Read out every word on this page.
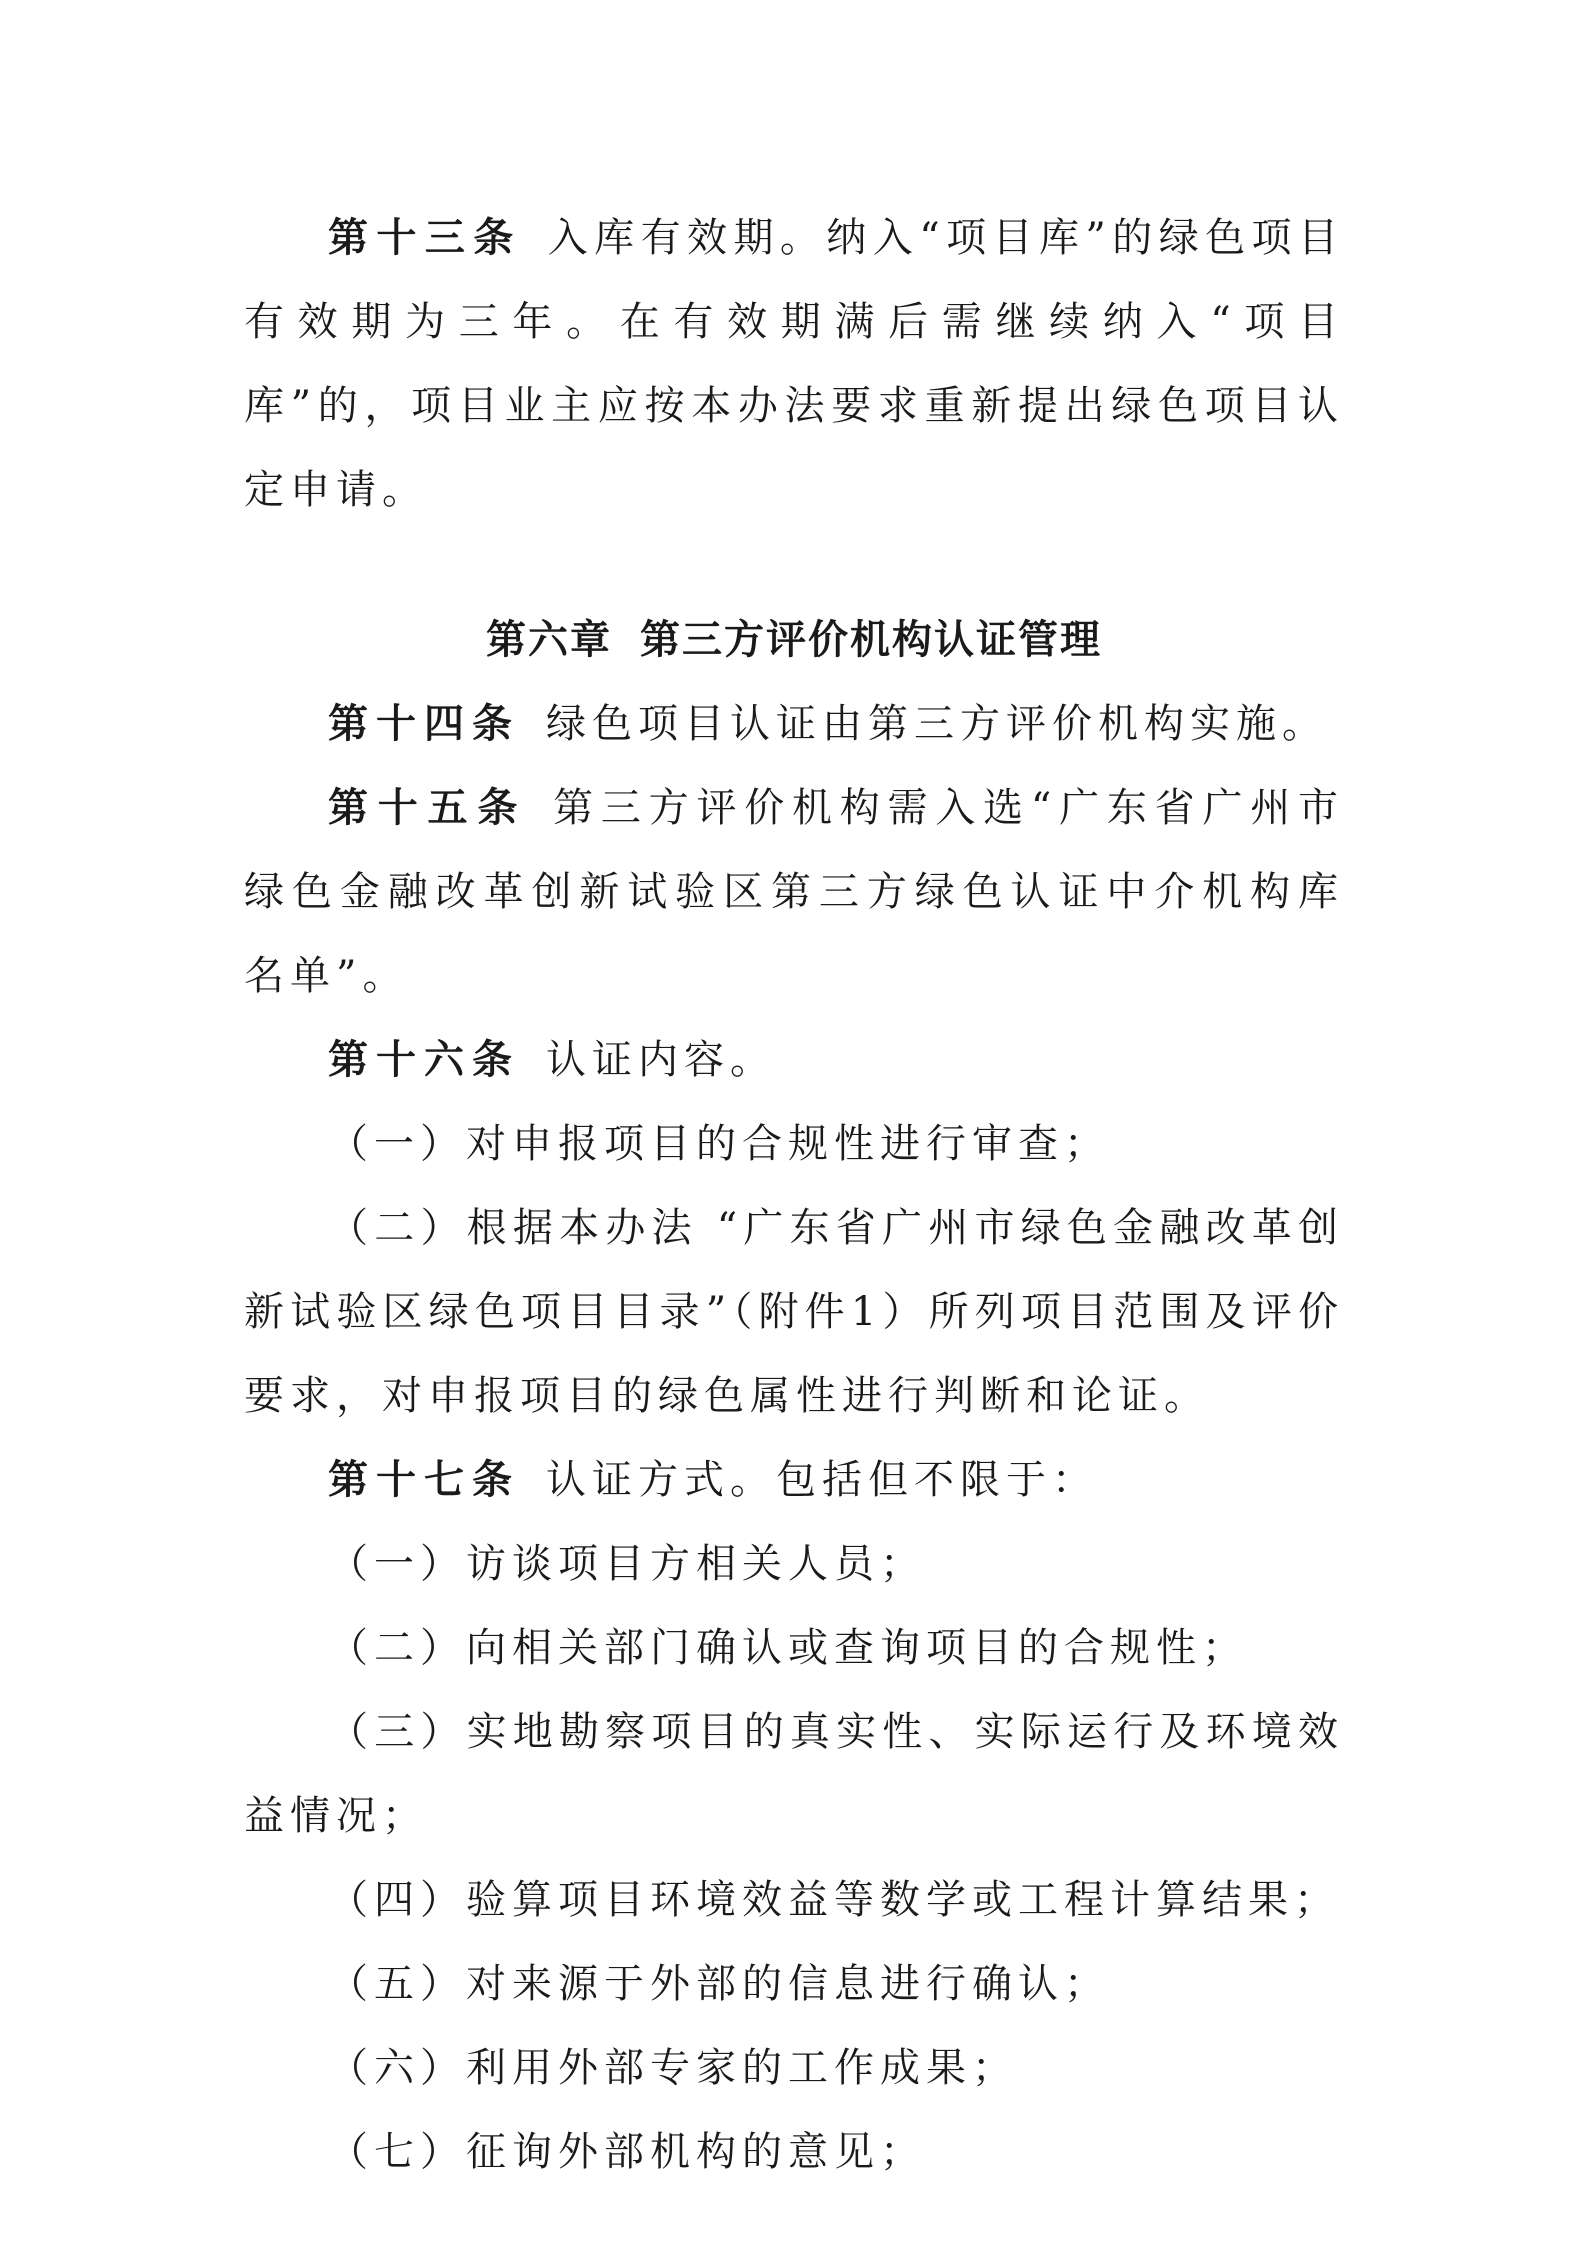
第十三条 入库有效期。纳入“项目库”的绿色项目有效期为三年。在有效期满后需继续纳入“项目库”的，项目业主应按本办法要求重新提出绿色项目认定申请。

第六章 第三方评价机构认证管理

第十四条 绿色项目认证由第三方评价机构实施。

第十五条 第三方评价机构需入选“广东省广州市绿色金融改革创新试验区第三方绿色认证中介机构库名单”。

第十六条 认证内容。

（一）对申报项目的合规性进行审查；

（二）根据本办法 “广东省广州市绿色金融改革创新试验区绿色项目目录”（附件1）所列项目范围及评价要求，对申报项目的绿色属性进行判断和论证。

第十七条 认证方式。包括但不限于：

（一）访谈项目方相关人员；

（二）向相关部门确认或查询项目的合规性；

（三）实地勘察项目的真实性、实际运行及环境效益情况；

（四）验算项目环境效益等数学或工程计算结果；

（五）对来源于外部的信息进行确认；

（六）利用外部专家的工作成果；

（七）征询外部机构的意见；
